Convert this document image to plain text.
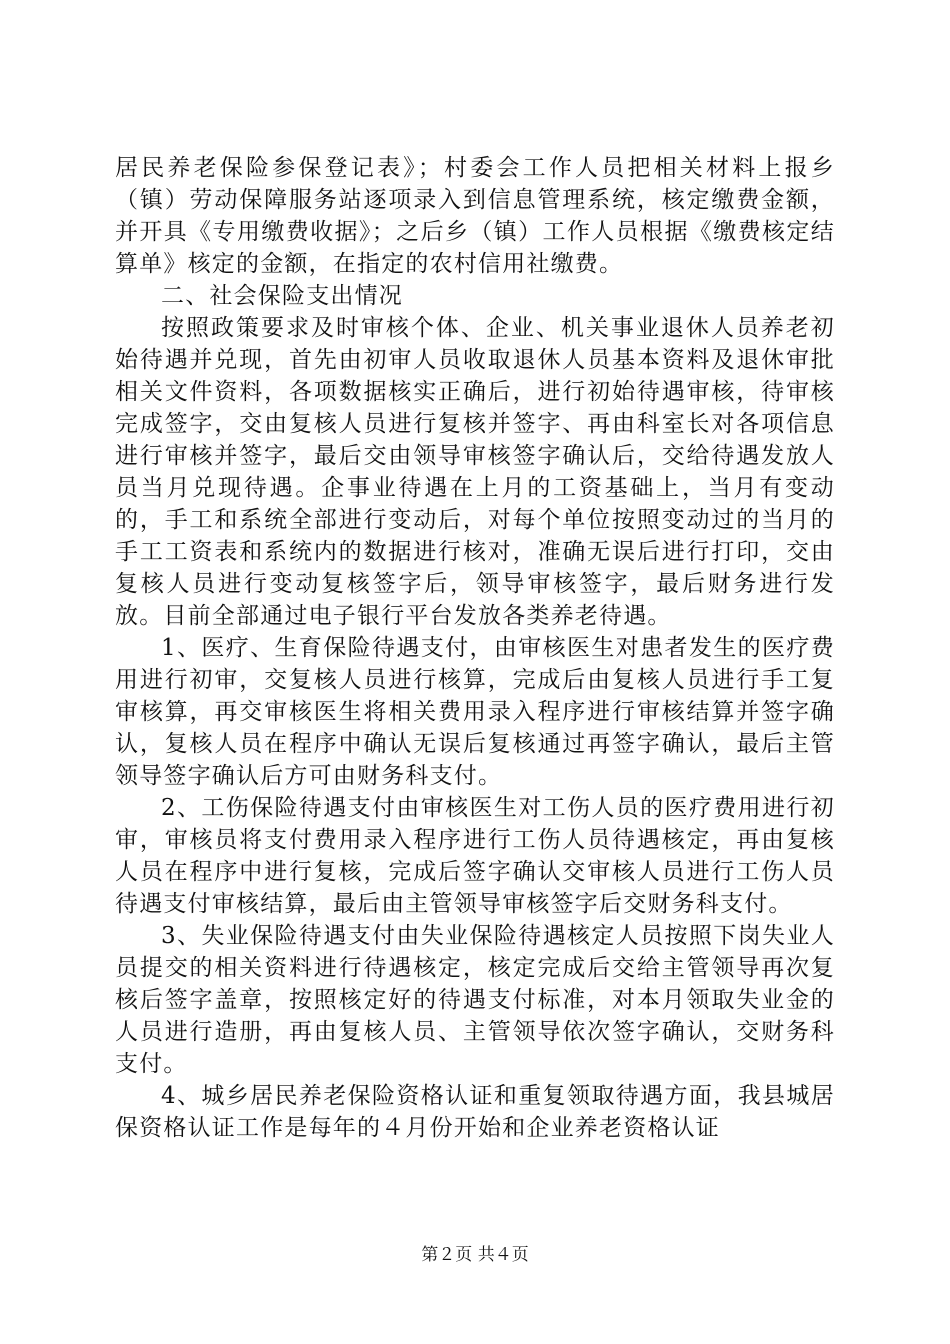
居民养老保险参保登记表》；村委会工作人员把相关材料上报乡（镇）劳动保障服务站逐项录入到信息管理系统，核定缴费金额，并开具《专用缴费收据》；之后乡（镇）工作人员根据《缴费核定结算单》核定的金额，在指定的农村信用社缴费。

二、社会保险支出情况

按照政策要求及时审核个体、企业、机关事业退休人员养老初始待遇并兑现，首先由初审人员收取退休人员基本资料及退休审批相关文件资料，各项数据核实正确后，进行初始待遇审核，待审核完成签字，交由复核人员进行复核并签字、再由科室长对各项信息进行审核并签字，最后交由领导审核签字确认后，交给待遇发放人员当月兑现待遇。企事业待遇在上月的工资基础上，当月有变动的，手工和系统全部进行变动后，对每个单位按照变动过的当月的手工工资表和系统内的数据进行核对，准确无误后进行打印，交由复核人员进行变动复核签字后，领导审核签字，最后财务进行发放。目前全部通过电子银行平台发放各类养老待遇。

1、医疗、生育保险待遇支付，由审核医生对患者发生的医疗费用进行初审，交复核人员进行核算，完成后由复核人员进行手工复审核算，再交审核医生将相关费用录入程序进行审核结算并签字确认，复核人员在程序中确认无误后复核通过再签字确认，最后主管领导签字确认后方可由财务科支付。

2、工伤保险待遇支付由审核医生对工伤人员的医疗费用进行初审，审核员将支付费用录入程序进行工伤人员待遇核定，再由复核人员在程序中进行复核，完成后签字确认交审核人员进行工伤人员待遇支付审核结算，最后由主管领导审核签字后交财务科支付。

3、失业保险待遇支付由失业保险待遇核定人员按照下岗失业人员提交的相关资料进行待遇核定，核定完成后交给主管领导再次复核后签字盖章，按照核定好的待遇支付标准，对本月领取失业金的人员进行造册，再由复核人员、主管领导依次签字确认，交财务科支付。

4、城乡居民养老保险资格认证和重复领取待遇方面，我县城居保资格认证工作是每年的４月份开始和企业养老资格认证

第２页 共４页
